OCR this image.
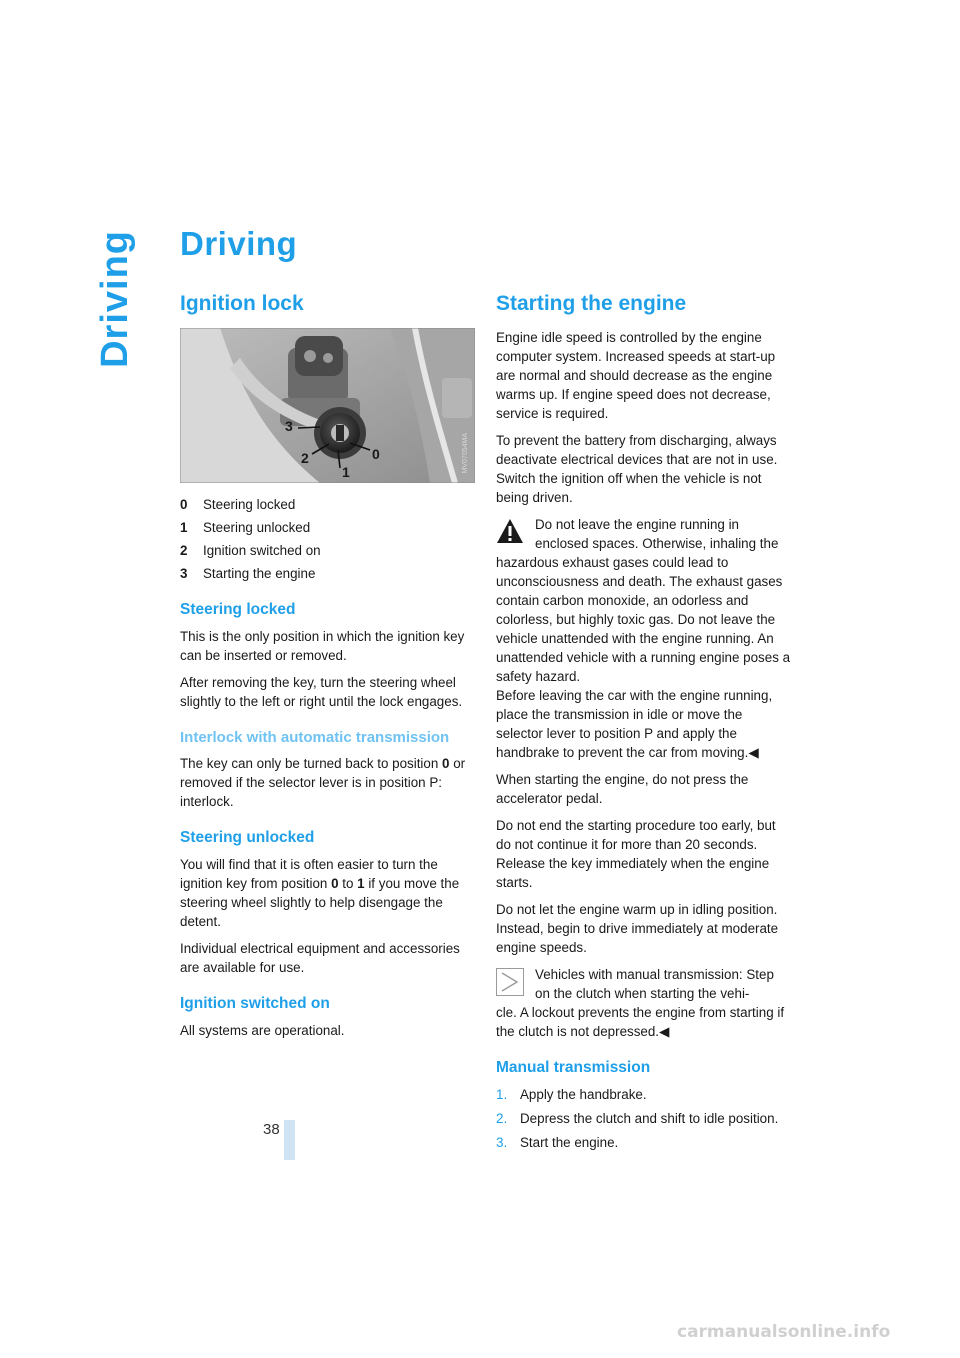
Driving Driving
Ignition lock
3
2
1
0	MV07054MA
0	Steering locked
1	Steering unlocked
2	Ignition switched on
3	Starting the engine
Steering locked

This is the only position in which the ignition key can be inserted or removed.

After removing the key, turn the steering wheel slightly to the left or right until the lock engages.

Interlock with automatic transmission

The key can only be turned back to position 0 or removed if the selector lever is in position P: interlock.

Steering unlocked

You will find that it is often easier to turn the ignition key from position 0 to 1 if you move the steering wheel slightly to help disengage the detent.

Individual electrical equipment and accessories are available for use.

Ignition switched on

All systems are operational.

Starting the engine

Engine idle speed is controlled by the engine computer system. Increased speeds at start-up are normal and should decrease as the engine warms up. If engine speed does not decrease, service is required.

To prevent the battery from discharging, always deactivate electrical devices that are not in use. Switch the ignition off when the vehicle is not being driven.

Do not leave the engine running in enclosed spaces. Otherwise, inhaling the

hazardous exhaust gases could lead to unconsciousness and death. The exhaust gases contain carbon monoxide, an odorless and colorless, but highly toxic gas. Do not leave the vehicle unattended with the engine running. An unattended vehicle with a running engine poses a safety hazard.

Before leaving the car with the engine running, place the transmission in idle or move the selector lever to position P and apply the handbrake to prevent the car from moving.◀

When starting the engine, do not press the accelerator pedal.

Do not end the starting procedure too early, but do not continue it for more than 20 seconds. Release the key immediately when the engine starts.

Do not let the engine warm up in idling position. Instead, begin to drive immediately at moderate engine speeds.

Vehicles with manual transmission: Step on the clutch when starting the vehi-

cle. A lockout prevents the engine from starting if the clutch is not depressed.◀

Manual transmission
1. Apply the handbrake.
2. Depress the clutch and shift to idle position.
3. Start the engine.
38
carmanualsonline.info
